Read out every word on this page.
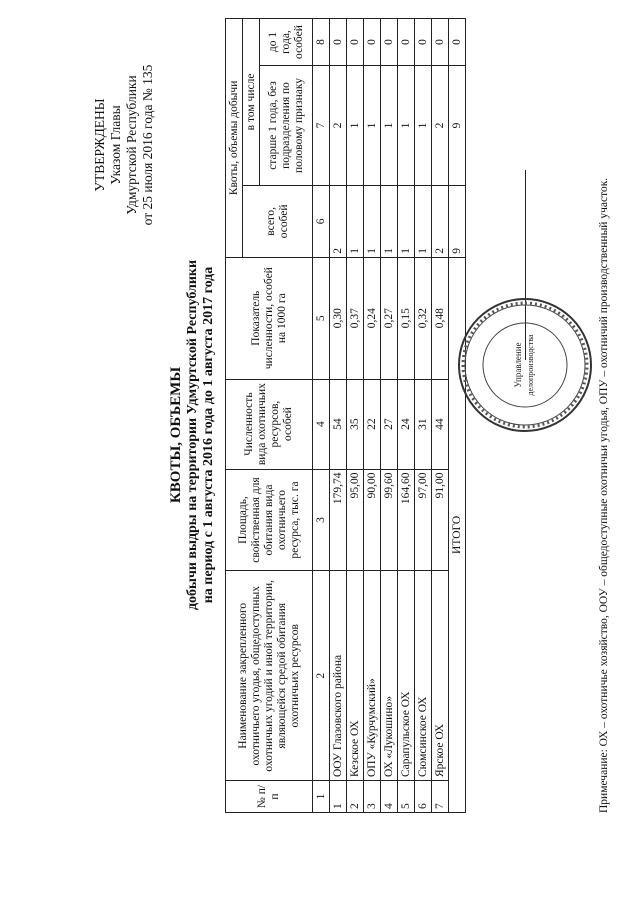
УТВЕРЖДЕНЫ Указом Главы Удмуртской Республики от 25 июля 2016 года № 135
КВОТЫ, ОБЪЕМЫ добычи выдры на территории Удмуртской Республики на период с 1 августа 2016 года до 1 августа 2017 года
№ п/п	Наименование закрепленного охотничьего угодья, общедоступных охотничьих угодий и иной территории, являющейся средой обитания охотничьих ресурсов	Площадь, свойственная для обитания вида охотничьего ресурса, тыс. га	Численность вида охотничьих ресурсов, особей	Показатель численности, особей на 1000 га	Квоты, объемы добычи		
					всего, особей	в том числе	
						старше 1 года, без подразделения по половому признаку	до 1 года, особей
1	2	3	4	5	6	7	8
1	ООУ Глазовского района	179,74	54	0,30	2	2	0
2	Кезское ОХ	95,00	35	0,37	1	1	0
3	ОПУ «Курчумский»	90,00	22	0,24	1	1	0
4	ОХ «Лукошино»	99,60	27	0,27	1	1	0
5	Сарапульское ОХ	164,60	24	0,15	1	1	0
6	Сюмсинское ОХ	97,00	31	0,32	1	1	0
7	Ярское ОХ	91,00	44	0,48	2	2	0
ИТОГО					9	9	0
Управление делопроизводства	Примечание: ОХ – охотничье хозяйство, ООУ – общедоступные охотничьи угодья, ОПУ – охотничий производственный участок.
